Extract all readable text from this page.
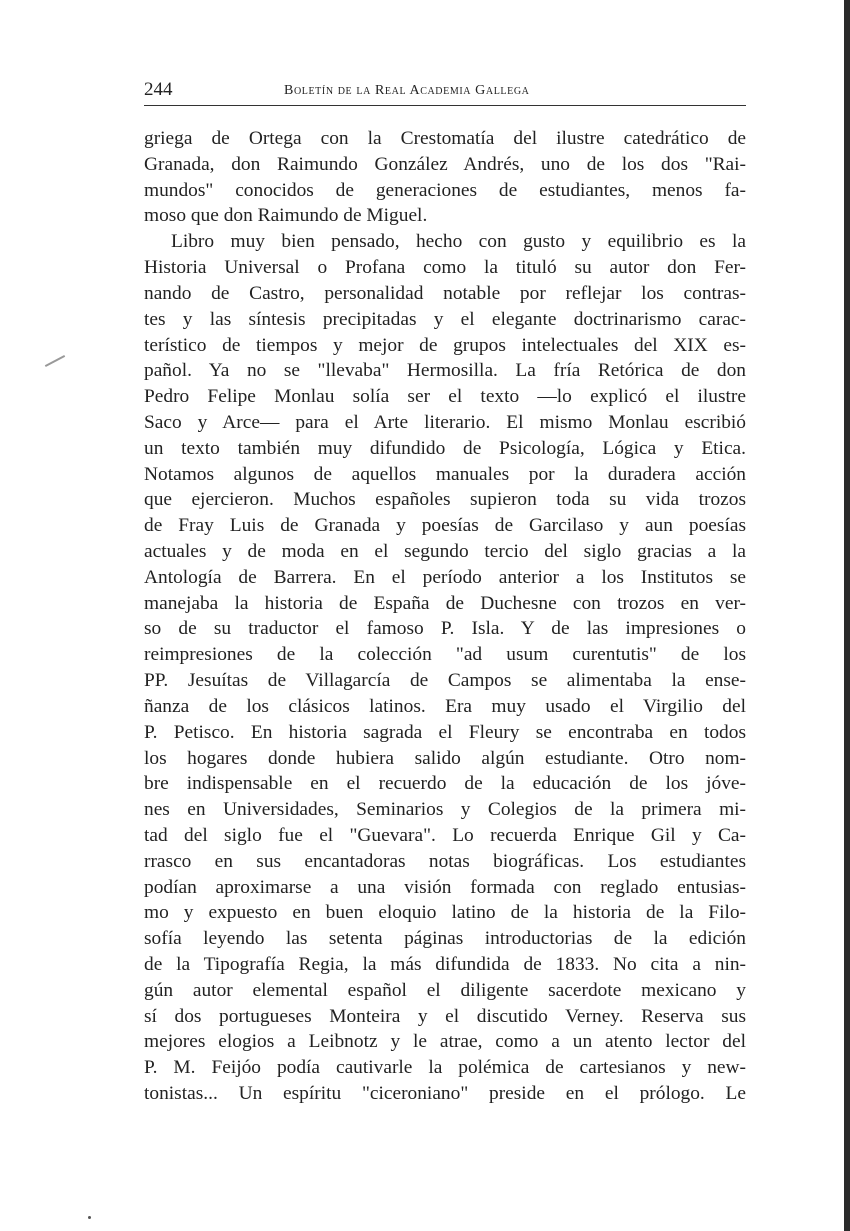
244	Boletín de la Real Academia Gallega
griega de Ortega con la Crestomatía del ilustre catedrático de
Granada, don Raimundo González Andrés, uno de los dos "Rai-
mundos" conocidos de generaciones de estudiantes, menos fa-
moso que don Raimundo de Miguel.
Libro muy bien pensado, hecho con gusto y equilibrio es la
Historia Universal o Profana como la tituló su autor don Fer-
nando de Castro, personalidad notable por reflejar los contras-
tes y las síntesis precipitadas y el elegante doctrinarismo carac-
terístico de tiempos y mejor de grupos intelectuales del XIX es-
pañol. Ya no se "llevaba" Hermosilla. La fría Retórica de don
Pedro Felipe Monlau solía ser el texto —lo explicó el ilustre
Saco y Arce— para el Arte literario. El mismo Monlau escribió
un texto también muy difundido de Psicología, Lógica y Etica.
Notamos algunos de aquellos manuales por la duradera acción
que ejercieron. Muchos españoles supieron toda su vida trozos
de Fray Luis de Granada y poesías de Garcilaso y aun poesías
actuales y de moda en el segundo tercio del siglo gracias a la
Antología de Barrera. En el período anterior a los Institutos se
manejaba la historia de España de Duchesne con trozos en ver-
so de su traductor el famoso P. Isla. Y de las impresiones o
reimpresiones de la colección "ad usum curentutis" de los
PP. Jesuítas de Villagarcía de Campos se alimentaba la ense-
ñanza de los clásicos latinos. Era muy usado el Virgilio del
P. Petisco. En historia sagrada el Fleury se encontraba en todos
los hogares donde hubiera salido algún estudiante. Otro nom-
bre indispensable en el recuerdo de la educación de los jóve-
nes en Universidades, Seminarios y Colegios de la primera mi-
tad del siglo fue el "Guevara". Lo recuerda Enrique Gil y Ca-
rrasco en sus encantadoras notas biográficas. Los estudiantes
podían aproximarse a una visión formada con reglado entusias-
mo y expuesto en buen eloquio latino de la historia de la Filo-
sofía leyendo las setenta páginas introductorias de la edición
de la Tipografía Regia, la más difundida de 1833. No cita a nin-
gún autor elemental español el diligente sacerdote mexicano y
sí dos portugueses Monteira y el discutido Verney. Reserva sus
mejores elogios a Leibnotz y le atrae, como a un atento lector del
P. M. Feijóo podía cautivarle la polémica de cartesianos y new-
tonistas... Un espíritu "ciceroniano" preside en el prólogo. Le
